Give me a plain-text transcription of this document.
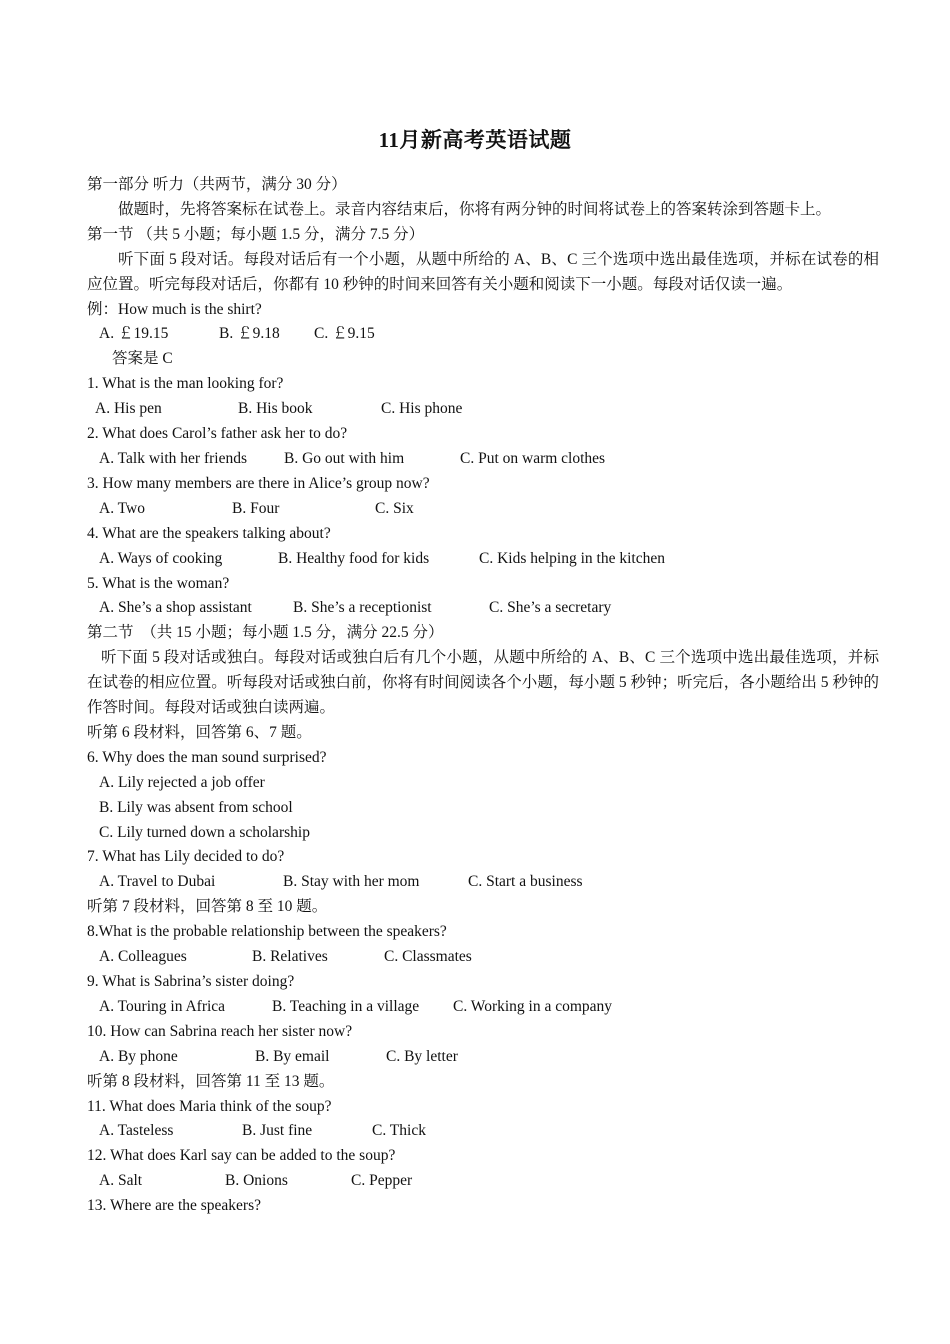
11月新高考英语试题
第一部分 听力（共两节，满分 30 分）
做题时，先将答案标在试卷上。录音内容结束后，你将有两分钟的时间将试卷上的答案转涂到答题卡上。
第一节 （共 5 小题；每小题 1.5 分，满分 7.5 分）
听下面 5 段对话。每段对话后有一个小题，从题中所给的 A、B、C 三个选项中选出最佳选项，并标在试卷的相应位置。听完每段对话后，你都有 10 秒钟的时间来回答有关小题和阅读下一小题。每段对话仅读一遍。
例：How much is the shirt?
A. ￡19.15	B. ￡9.18 C. ￡9.15
答案是 C
1. What is the man looking for?
A. His pen	B. His book	C. His phone
2. What does Carol’s father ask her to do?
A. Talk with her friends B. Go out with him	C. Put on warm clothes
3. How many members are there in Alice’s group now?
A. Two	B. Four	C. Six
4. What are the speakers talking about?
A. Ways of cooking	B. Healthy food for kids	C. Kids helping in the kitchen
5. What is the woman?
A. She’s a shop assistant	B. She’s a receptionist	C. She’s a secretary
第二节　（共 15 小题；每小题 1.5 分，满分 22.5 分）
听下面 5 段对话或独白。每段对话或独白后有几个小题，从题中所给的 A、B、C 三个选项中选出最佳选项，并标在试卷的相应位置。听每段对话或独白前，你将有时间阅读各个小题，每小题 5 秒钟；听完后，各小题给出 5 秒钟的作答时间。每段对话或独白读两遍。
听第 6 段材料，回答第 6、7 题。
6. Why does the man sound surprised?
A. Lily rejected a job offer
B. Lily was absent from school
C. Lily turned down a scholarship
7. What has Lily decided to do?
A. Travel to Dubai	B. Stay with her mom	C. Start a business
听第 7 段材料，回答第 8 至 10 题。
8.What is the probable relationship between the speakers?
A. Colleagues	B. Relatives	C. Classmates
9. What is Sabrina’s sister doing?
A. Touring in Africa	B. Teaching in a village C. Working in a company
10. How can Sabrina reach her sister now?
A. By phone	B. By email	C. By letter
听第 8 段材料，回答第 11 至 13 题。
11. What does Maria think of the soup?
A. Tasteless	B. Just fine	C. Thick
12. What does Karl say can be added to the soup?
A. Salt	B. Onions	C. Pepper
13. Where are the speakers?
